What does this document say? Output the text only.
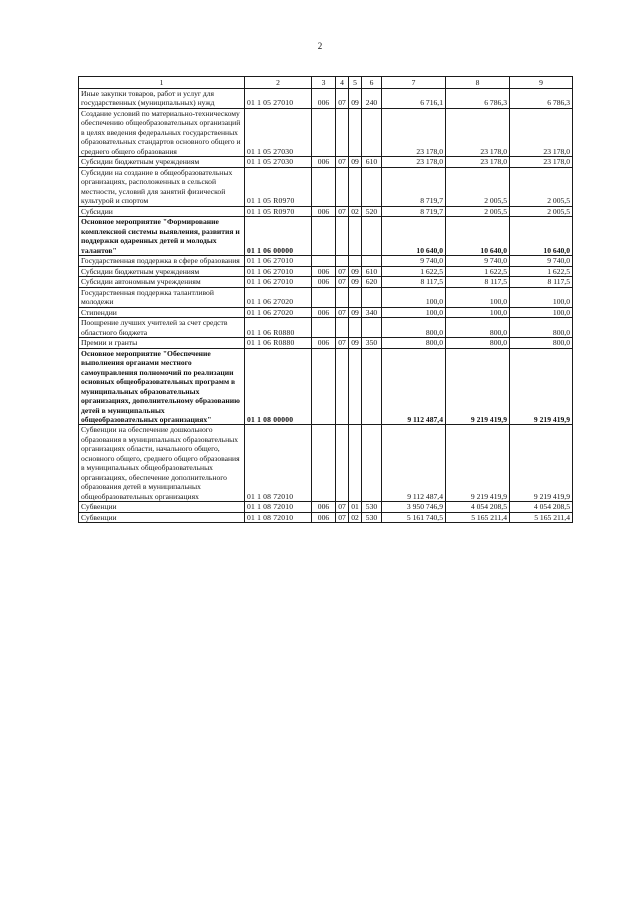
2
1	2	3	4	5	6	7	8	9
Иные закупки товаров, работ и услуг для государственных (муниципальных) нужд	01 1 05 27010	006	07	09	240	6 716,1	6 786,3	6 786,3
Создание условий по материально-техническому обеспечению общеобразовательных организаций в целях введения федеральных государственных образовательных стандартов основного общего и среднего общего образования	01 1 05 27030					23 178,0	23 178,0	23 178,0
Субсидии бюджетным учреждениям	01 1 05 27030	006	07	09	610	23 178,0	23 178,0	23 178,0
Субсидии на создание в общеобразовательных организациях, расположенных в сельской местности, условий для занятий физической культурой и спортом	01 1 05 R0970					8 719,7	2 005,5	2 005,5
Субсидии	01 1 05 R0970	006	07	02	520	8 719,7	2 005,5	2 005,5
Основное мероприятие "Формирование комплексной системы выявления, развития и поддержки одаренных детей и молодых талантов"	01 1 06 00000					10 640,0	10 640,0	10 640,0
Государственная поддержка в сфере образования	01 1 06 27010					9 740,0	9 740,0	9 740,0
Субсидии бюджетным учреждениям	01 1 06 27010	006	07	09	610	1 622,5	1 622,5	1 622,5
Субсидии автономным учреждениям	01 1 06 27010	006	07	09	620	8 117,5	8 117,5	8 117,5
Государственная поддержка талантливой молодежи	01 1 06 27020					100,0	100,0	100,0
Стипендии	01 1 06 27020	006	07	09	340	100,0	100,0	100,0
Поощрение лучших учителей за счет средств областного бюджета	01 1 06 R0880					800,0	800,0	800,0
Премии и гранты	01 1 06 R0880	006	07	09	350	800,0	800,0	800,0
Основное мероприятие "Обеспечение выполнения органами местного самоуправления полномочий по реализации основных общеобразовательных программ в муниципальных образовательных организациях, дополнительному образованию детей в муниципальных общеобразовательных организациях"	01 1 08 00000					9 112 487,4	9 219 419,9	9 219 419,9
Субвенции на обеспечение дошкольного образования в муниципальных образовательных организациях области, начального общего, основного общего, среднего общего образования в муниципальных общеобразовательных организациях, обеспечение дополнительного образования детей в муниципальных общеобразовательных организациях	01 1 08 72010					9 112 487,4	9 219 419,9	9 219 419,9
Субвенции	01 1 08 72010	006	07	01	530	3 950 746,9	4 054 208,5	4 054 208,5
Субвенции	01 1 08 72010	006	07	02	530	5 161 740,5	5 165 211,4	5 165 211,4
